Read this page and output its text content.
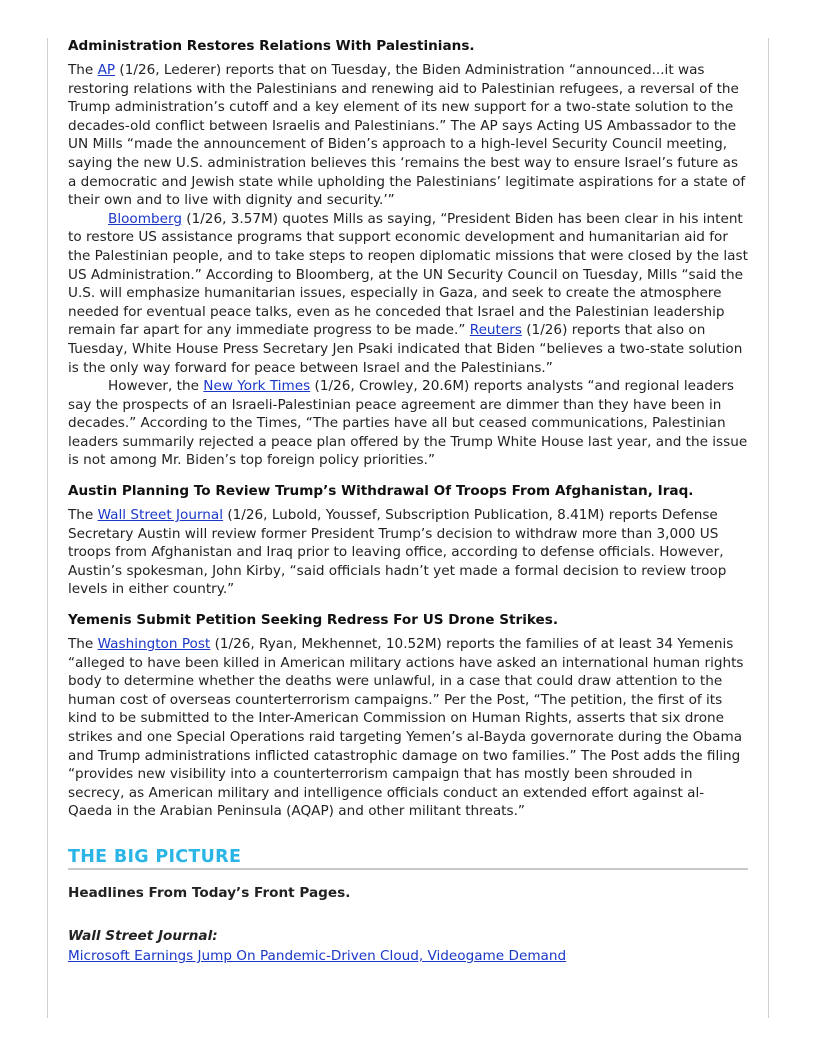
Administration Restores Relations With Palestinians.

The AP (1/26, Lederer) reports that on Tuesday, the Biden Administration “announced...it was restoring relations with the Palestinians and renewing aid to Palestinian refugees, a reversal of the Trump administration’s cutoff and a key element of its new support for a two-state solution to the decades-old conflict between Israelis and Palestinians.” The AP says Acting US Ambassador to the UN Mills “made the announcement of Biden’s approach to a high-level Security Council meeting, saying the new U.S. administration believes this ‘remains the best way to ensure Israel’s future as a democratic and Jewish state while upholding the Palestinians’ legitimate aspirations for a state of their own and to live with dignity and security.’”

Bloomberg (1/26, 3.57M) quotes Mills as saying, “President Biden has been clear in his intent to restore US assistance programs that support economic development and humanitarian aid for the Palestinian people, and to take steps to reopen diplomatic missions that were closed by the last US Administration.” According to Bloomberg, at the UN Security Council on Tuesday, Mills “said the U.S. will emphasize humanitarian issues, especially in Gaza, and seek to create the atmosphere needed for eventual peace talks, even as he conceded that Israel and the Palestinian leadership remain far apart for any immediate progress to be made.” Reuters (1/26) reports that also on Tuesday, White House Press Secretary Jen Psaki indicated that Biden “believes a two-state solution is the only way forward for peace between Israel and the Palestinians.”

However, the New York Times (1/26, Crowley, 20.6M) reports analysts “and regional leaders say the prospects of an Israeli-Palestinian peace agreement are dimmer than they have been in decades.” According to the Times, “The parties have all but ceased communications, Palestinian leaders summarily rejected a peace plan offered by the Trump White House last year, and the issue is not among Mr. Biden’s top foreign policy priorities.”

Austin Planning To Review Trump’s Withdrawal Of Troops From Afghanistan, Iraq.

The Wall Street Journal (1/26, Lubold, Youssef, Subscription Publication, 8.41M) reports Defense Secretary Austin will review former President Trump’s decision to withdraw more than 3,000 US troops from Afghanistan and Iraq prior to leaving office, according to defense officials. However, Austin’s spokesman, John Kirby, “said officials hadn’t yet made a formal decision to review troop levels in either country.”

Yemenis Submit Petition Seeking Redress For US Drone Strikes.

The Washington Post (1/26, Ryan, Mekhennet, 10.52M) reports the families of at least 34 Yemenis “alleged to have been killed in American military actions have asked an international human rights body to determine whether the deaths were unlawful, in a case that could draw attention to the human cost of overseas counterterrorism campaigns.” Per the Post, “The petition, the first of its kind to be submitted to the Inter-American Commission on Human Rights, asserts that six drone strikes and one Special Operations raid targeting Yemen’s al-Bayda governorate during the Obama and Trump administrations inflicted catastrophic damage on two families.” The Post adds the filing “provides new visibility into a counterterrorism campaign that has mostly been shrouded in secrecy, as American military and intelligence officials conduct an extended effort against al-Qaeda in the Arabian Peninsula (AQAP) and other militant threats.”

THE BIG PICTURE
Headlines From Today’s Front Pages.
Wall Street Journal:
Microsoft Earnings Jump On Pandemic-Driven Cloud, Videogame Demand
